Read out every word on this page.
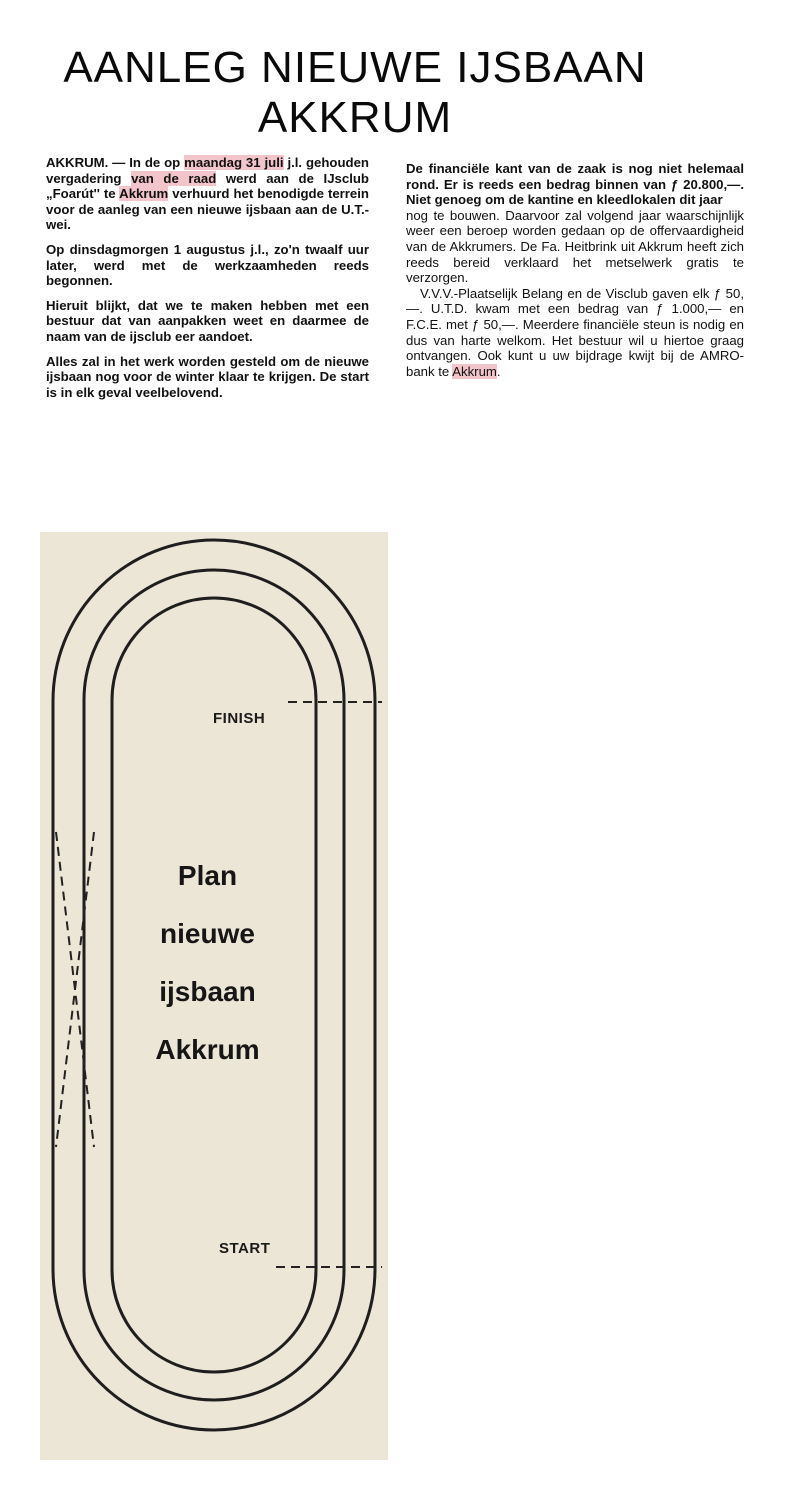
AANLEG NIEUWE IJSBAAN
AKKRUM

AKKRUM. — In de op maandag 31 juli j.l. gehouden vergadering van de raad werd aan de IJsclub „Foarút'' te Akkrum verhuurd het benodigde terrein voor de aanleg van een nieuwe ijsbaan aan de U.T.-wei.

Op dinsdagmorgen 1 augustus j.l., zo'n twaalf uur later, werd met de werkzaamheden reeds begonnen.

Hieruit blijkt, dat we te maken hebben met een bestuur dat van aanpakken weet en daarmee de naam van de ijsclub eer aandoet.

Alles zal in het werk worden gesteld om de nieuwe ijsbaan nog voor de winter klaar te krijgen. De start is in elk geval veelbelovend.

De financiële kant van de zaak is nog niet helemaal rond. Er is reeds een bedrag binnen van ƒ 20.800,—. Niet genoeg om de kantine en kleedlokalen dit jaar

nog te bouwen. Daarvoor zal volgend jaar waarschijnlijk weer een beroep worden gedaan op de offervaardigheid van de Akkrumers. De Fa. Heitbrink uit Akkrum heeft zich reeds bereid verklaard het metselwerk gratis te verzorgen.

V.V.V.-Plaatselijk Belang en de Visclub gaven elk ƒ 50,—. U.T.D. kwam met een bedrag van ƒ 1.000,— en F.C.E. met ƒ 50,—. Meerdere financiële steun is nodig en dus van harte welkom. Het bestuur wil u hiertoe graag ontvangen. Ook kunt u uw bijdrage kwijt bij de AMRO-bank te Akkrum.

FINISH
START
Plan
nieuwe
ijsbaan
Akkrum
